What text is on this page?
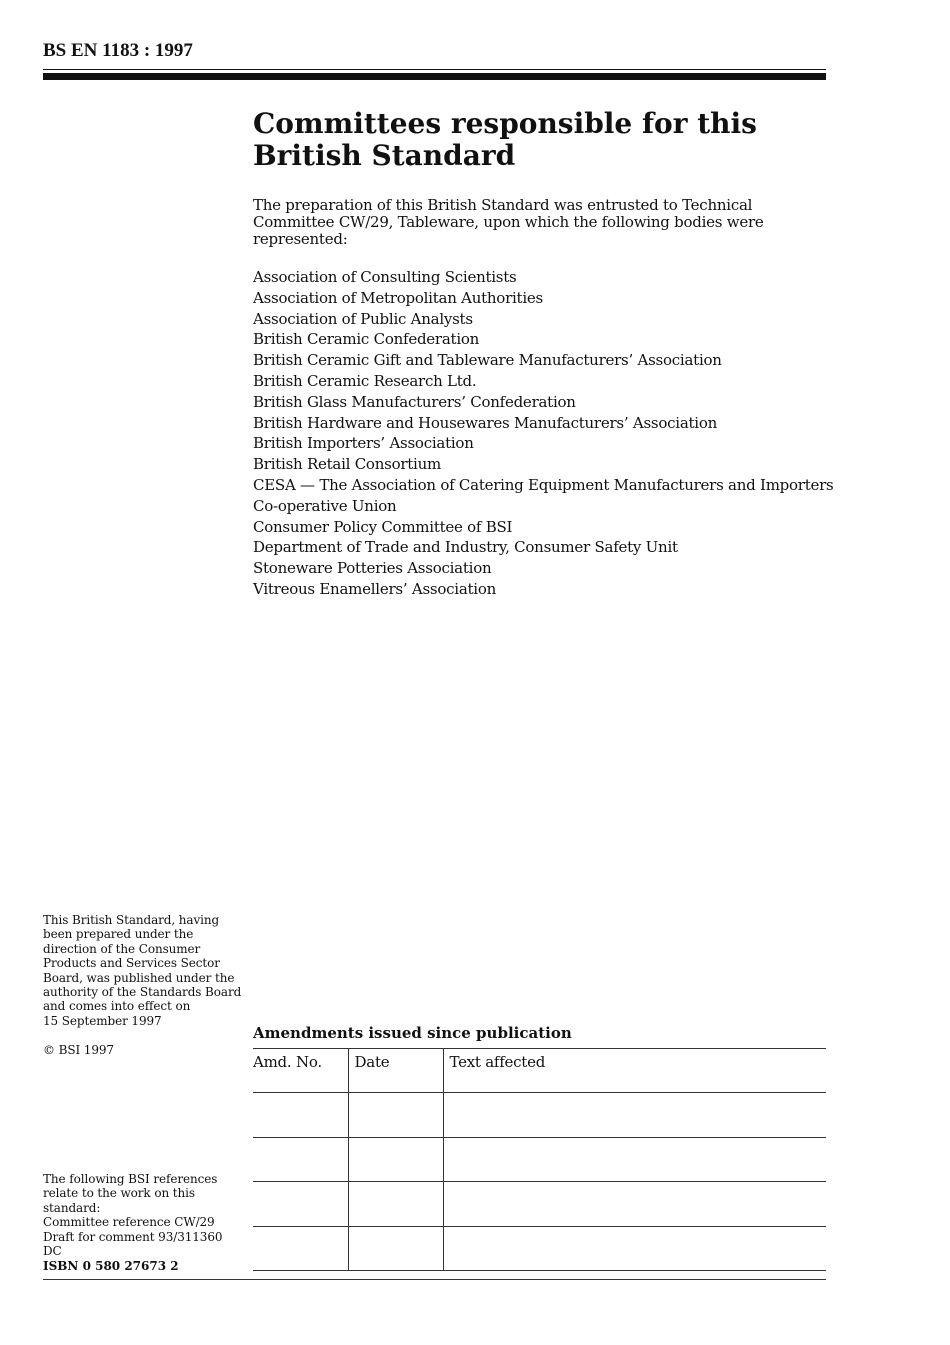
BS EN 1183 : 1997
Committees responsible for this
British Standard

The preparation of this British Standard was entrusted to Technical Committee CW/29, Tableware, upon which the following bodies were represented:

Association of Consulting Scientists
Association of Metropolitan Authorities
Association of Public Analysts
British Ceramic Confederation
British Ceramic Gift and Tableware Manufacturers’ Association
British Ceramic Research Ltd.
British Glass Manufacturers’ Confederation
British Hardware and Housewares Manufacturers’ Association
British Importers’ Association
British Retail Consortium
CESA — The Association of Catering Equipment Manufacturers and Importers
Co-operative Union
Consumer Policy Committee of BSI
Department of Trade and Industry, Consumer Safety Unit
Stoneware Potteries Association
Vitreous Enamellers’ Association

This British Standard, having been prepared under the direction of the Consumer Products and Services Sector Board, was published under the authority of the Standards Board and comes into effect on
15 September 1997

© BSI 1997

The following BSI references relate to the work on this standard:
Committee reference CW/29
Draft for comment 93/311360 DC

ISBN 0 580 27673 2
Amendments issued since publication
Amd. No.	Date	Text affected
